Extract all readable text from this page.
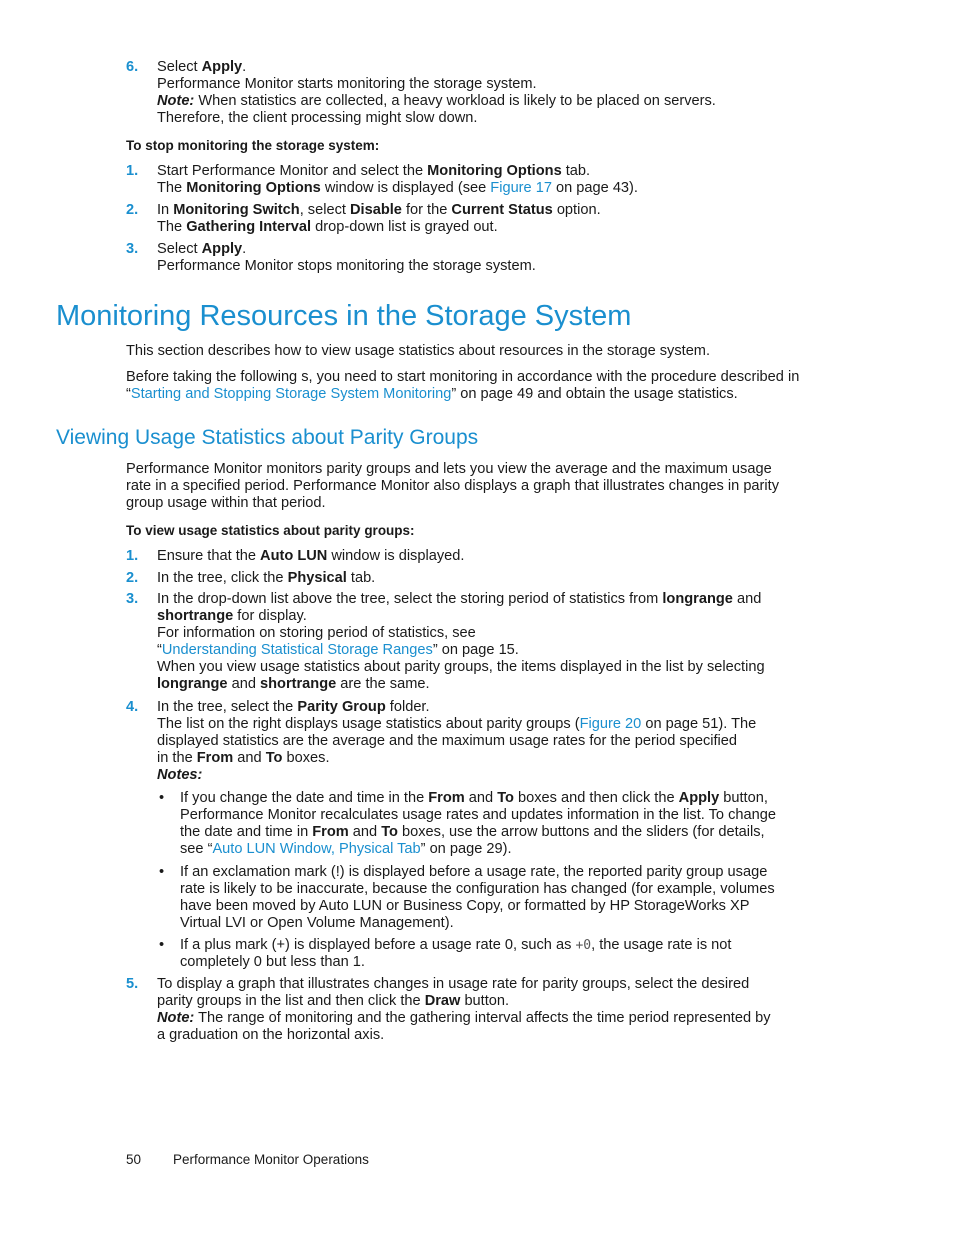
6. Select Apply.
Performance Monitor starts monitoring the storage system.
Note: When statistics are collected, a heavy workload is likely to be placed on servers.
Therefore, the client processing might slow down.
To stop monitoring the storage system:
1. Start Performance Monitor and select the Monitoring Options tab.
The Monitoring Options window is displayed (see Figure 17 on page 43).
2. In Monitoring Switch, select Disable for the Current Status option.
The Gathering Interval drop-down list is grayed out.
3. Select Apply.
Performance Monitor stops monitoring the storage system.
Monitoring Resources in the Storage System
This section describes how to view usage statistics about resources in the storage system.
Before taking the following s, you need to start monitoring in accordance with the procedure described in
“Starting and Stopping Storage System Monitoring” on page 49 and obtain the usage statistics.
Viewing Usage Statistics about Parity Groups
Performance Monitor monitors parity groups and lets you view the average and the maximum usage
rate in a specified period. Performance Monitor also displays a graph that illustrates changes in parity
group usage within that period.
To view usage statistics about parity groups:
1. Ensure that the Auto LUN window is displayed.
2. In the tree, click the Physical tab.
3. In the drop-down list above the tree, select the storing period of statistics from longrange and
shortrange for display.
For information on storing period of statistics, see
“Understanding Statistical Storage Ranges” on page 15.
When you view usage statistics about parity groups, the items displayed in the list by selecting
longrange and shortrange are the same.
4. In the tree, select the Parity Group folder.
The list on the right displays usage statistics about parity groups (Figure 20 on page 51). The
displayed statistics are the average and the maximum usage rates for the period specified
in the From and To boxes.
Notes:
• If you change the date and time in the From and To boxes and then click the Apply button,
Performance Monitor recalculates usage rates and updates information in the list. To change
the date and time in From and To boxes, use the arrow buttons and the sliders (for details,
see “Auto LUN Window, Physical Tab” on page 29).
• If an exclamation mark (!) is displayed before a usage rate, the reported parity group usage
rate is likely to be inaccurate, because the configuration has changed (for example, volumes
have been moved by Auto LUN or Business Copy, or formatted by HP StorageWorks XP
Virtual LVI or Open Volume Management).
• If a plus mark (+) is displayed before a usage rate 0, such as +0, the usage rate is not
completely 0 but less than 1.
5. To display a graph that illustrates changes in usage rate for parity groups, select the desired
parity groups in the list and then click the Draw button.
Note: The range of monitoring and the gathering interval affects the time period represented by
a graduation on the horizontal axis.
50 Performance Monitor Operations
